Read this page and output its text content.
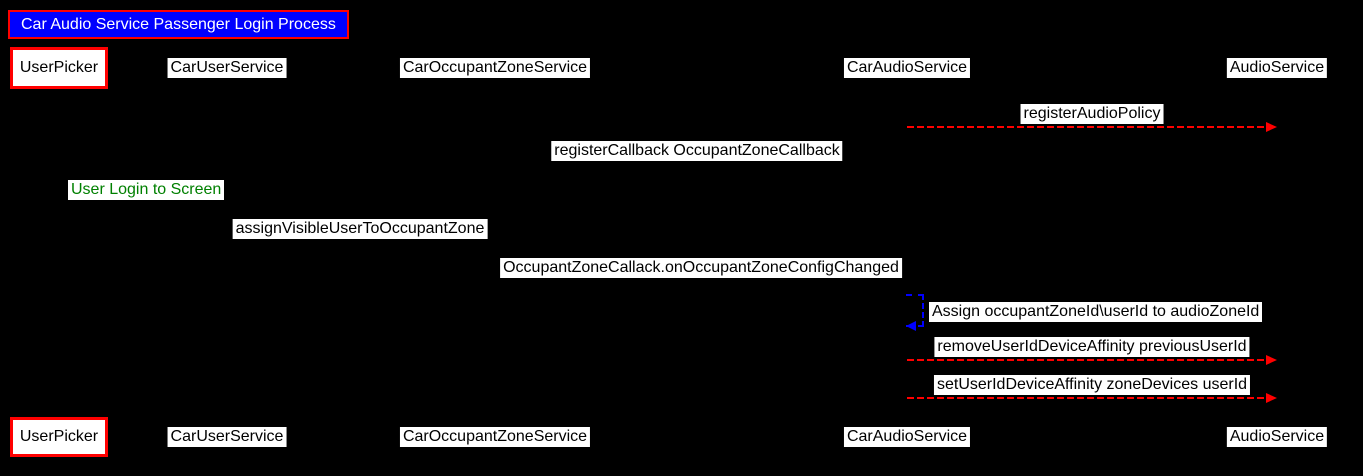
Car Audio Service Passenger Login Process
UserPicker	CarUserService	CarOccupantZoneService	CarAudioService	AudioService
registerAudioPolicy
registerCallback OccupantZoneCallback
User Login to Screen
assignVisibleUserToOccupantZone
OccupantZoneCallack.onOccupantZoneConfigChanged
Assign occupantZoneId\userId to audioZoneId
removeUserIdDeviceAffinity previousUserId
setUserIdDeviceAffinity zoneDevices userId
UserPicker	CarUserService	CarOccupantZoneService	CarAudioService	AudioService
